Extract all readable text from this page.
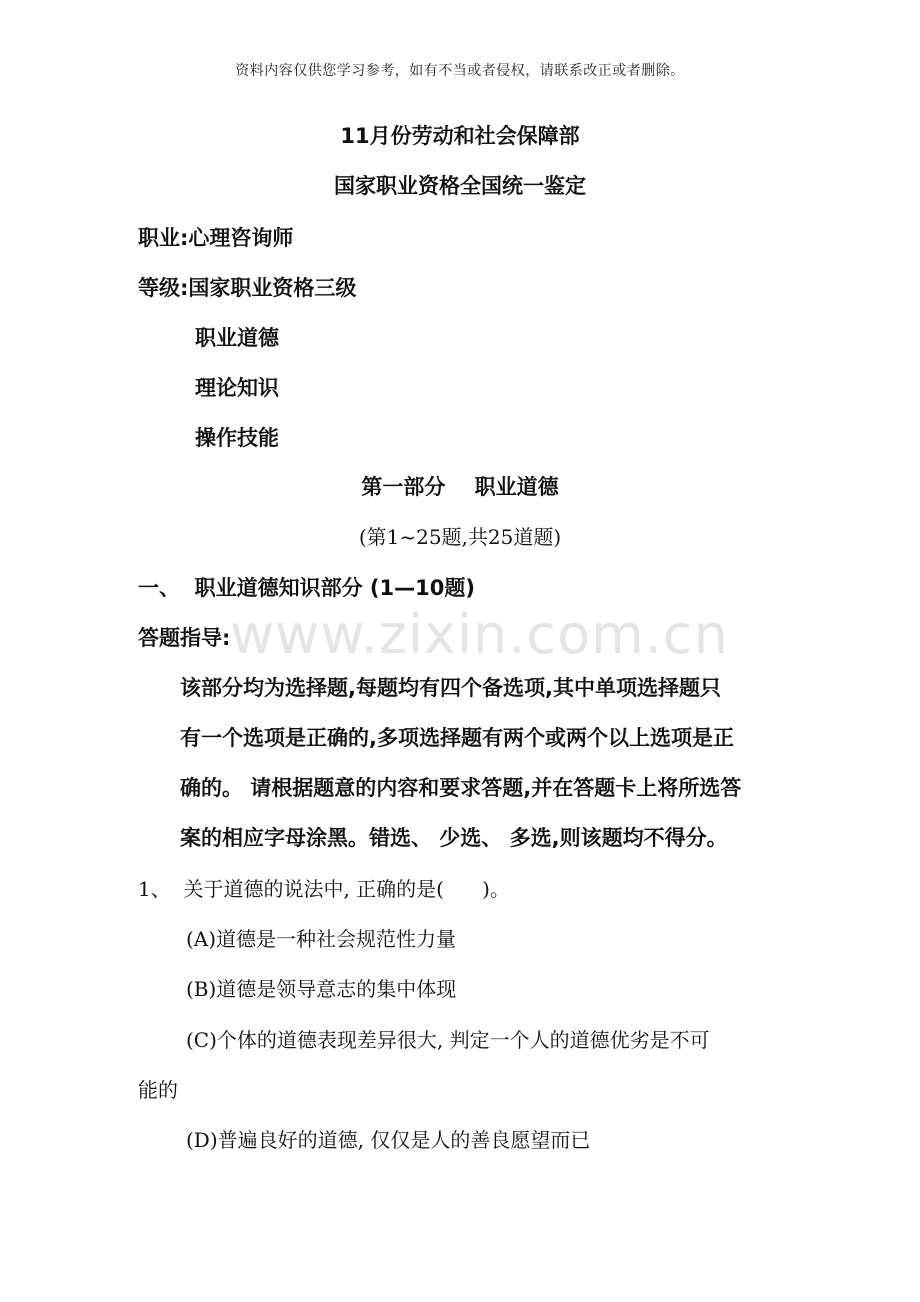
资料内容仅供您学习参考，如有不当或者侵权，请联系改正或者删除。
11月份劳动和社会保障部
国家职业资格全国统一鉴定
职业:心理咨询师
等级:国家职业资格三级
职业道德
理论知识
操作技能
第一部分    职业道德
(第1~25题,共25道题)
一、  职业道德知识部分 (1—10题)
答题指导:
该部分均为选择题,每题均有四个备选项,其中单项选择题只
有一个选项是正确的,多项选择题有两个或两个以上选项是正
确的。 请根据题意的内容和要求答题,并在答题卡上将所选答
案的相应字母涂黑。错选、 少选、 多选,则该题均不得分。
1、  关于道德的说法中, 正确的是(      )。
(A)道德是一种社会规范性力量
(B)道德是领导意志的集中体现
(C)个体的道德表现差异很大, 判定一个人的道德优劣是不可
能的
(D)普遍良好的道德, 仅仅是人的善良愿望而已
www.zixin.com.cn
